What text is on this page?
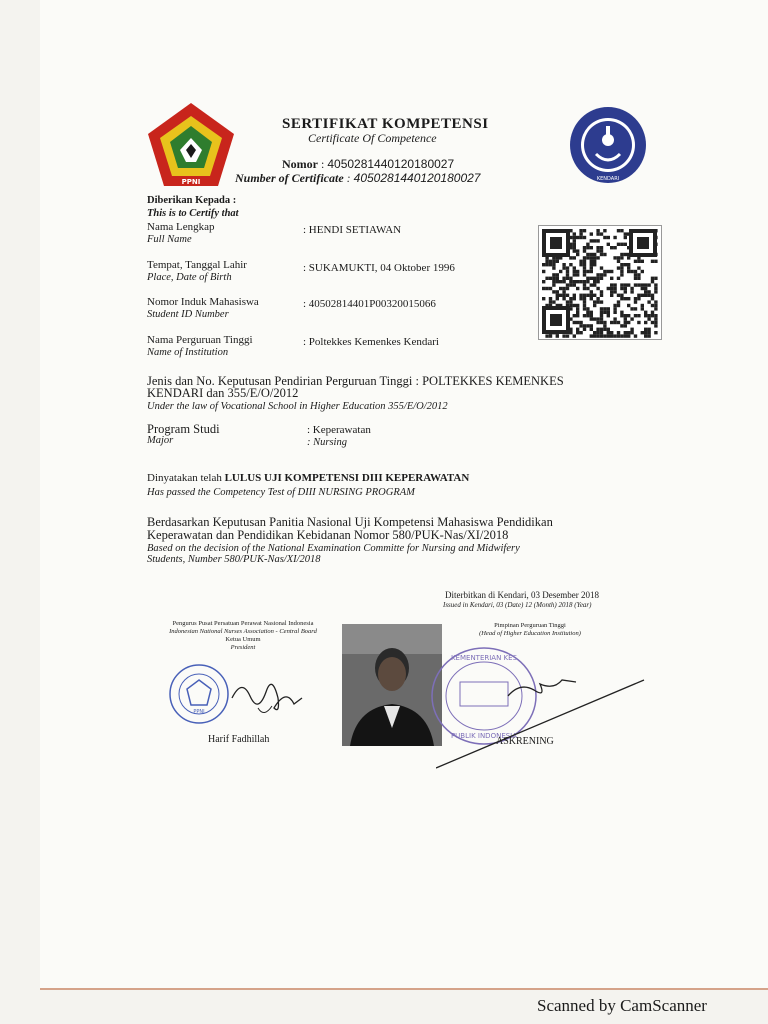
PPNI	KENDARI
SERTIFIKAT KOMPETENSI
Certificate Of Competence
Nomor : 4050281440120180027
Number of Certificate : 4050281440120180027
Diberikan Kepada :
This is to Certify that
Nama Lengkap
Full Name
: HENDI SETIAWAN
Tempat, Tanggal Lahir
Place, Date of Birth
: SUKAMUKTI, 04 Oktober 1996
Nomor Induk Mahasiswa
Student ID Number
: 40502814401P00320015066
Nama Perguruan Tinggi
Name of Institution
: Poltekkes Kemenkes Kendari
Jenis dan No. Keputusan Pendirian Perguruan Tinggi : POLTEKKES KEMENKES
KENDARI dan 355/E/O/2012
Under the law of Vocational School in Higher Education 355/E/O/2012
Program Studi
Major
: Keperawatan
: Nursing
Dinyatakan telah LULUS UJI KOMPETENSI DIII KEPERAWATAN
Has passed the Competency Test of DIII NURSING PROGRAM
Berdasarkan Keputusan Panitia Nasional Uji Kompetensi Mahasiswa Pendidikan
Keperawatan dan Pendidikan Kebidanan Nomor 580/PUK-Nas/XI/2018
Based on the decision of the National Examination Committe for Nursing and Midwifery
Students, Number 580/PUK-Nas/XI/2018
Diterbitkan di Kendari, 03 Desember 2018
Issued in Kendari, 03 (Date) 12 (Month) 2018 (Year)
Pengurus Pusat Persatuan Perawat Nasional Indonesia
Indonesian National Nurses Association - Central Board
Ketua Umum
President
PPNI
Harif Fadhillah
Pimpinan Perguruan Tinggi
(Head of Higher Education Institution)
KEMENTERIAN KES
PUBLIK INDONESIA
ASKRENING
Scanned by CamScanner
